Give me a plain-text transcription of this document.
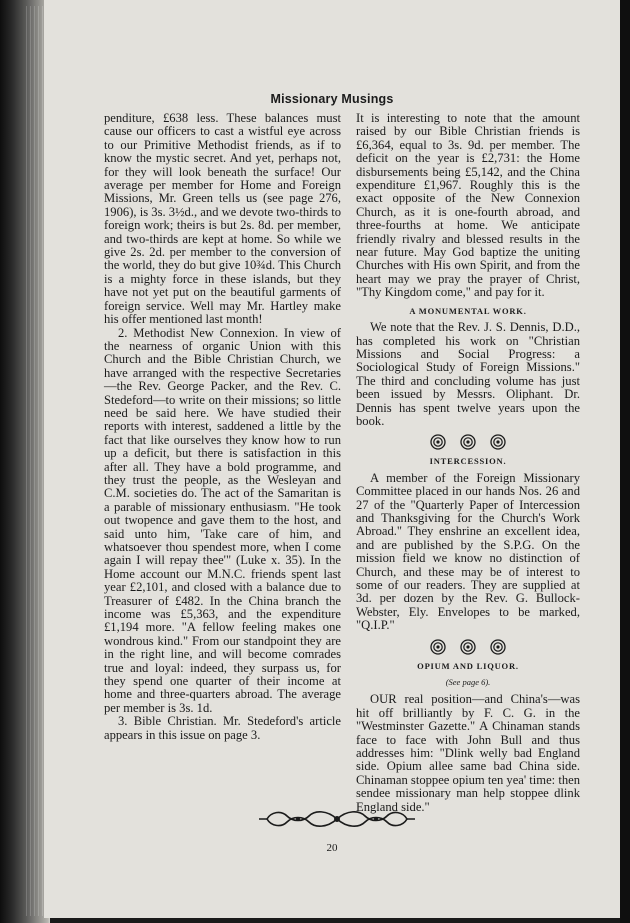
Missionary Musings

penditure, £638 less. These balances must cause our officers to cast a wistful eye across to our Primitive Methodist friends, as if to know the mystic secret. And yet, perhaps not, for they will look beneath the surface! Our average per member for Home and Foreign Missions, Mr. Green tells us (see page 276, 1906), is 3s. 3½d., and we devote two-thirds to foreign work; theirs is but 2s. 8d. per member, and two-thirds are kept at home. So while we give 2s. 2d. per member to the conversion of the world, they do but give 10¾d. This Church is a mighty force in these islands, but they have not yet put on the beautiful garments of foreign service. Well may Mr. Hartley make his offer mentioned last month!

2. Methodist New Connexion. In view of the nearness of organic Union with this Church and the Bible Christian Church, we have arranged with the respective Secretaries—the Rev. George Packer, and the Rev. C. Stedeford—to write on their missions; so little need be said here. We have studied their reports with interest, saddened a little by the fact that like ourselves they know how to run up a deficit, but there is satisfaction in this after all. They have a bold programme, and they trust the people, as the Wesleyan and C.M. societies do. The act of the Samaritan is a parable of missionary enthusiasm. "He took out twopence and gave them to the host, and said unto him, 'Take care of him, and whatsoever thou spendest more, when I come again I will repay thee'" (Luke x. 35). In the Home account our M.N.C. friends spent last year £2,101, and closed with a balance due to Treasurer of £482. In the China branch the income was £5,363, and the expenditure £1,194 more. "A fellow feeling makes one wondrous kind." From our standpoint they are in the right line, and will become comrades true and loyal: indeed, they surpass us, for they spend one quarter of their income at home and three-quarters abroad. The average per member is 3s. 1d.

3. Bible Christian. Mr. Stedeford's article appears in this issue on page 3.

It is interesting to note that the amount raised by our Bible Christian friends is £6,364, equal to 3s. 9d. per member. The deficit on the year is £2,731: the Home disbursements being £5,142, and the China expenditure £1,967. Roughly this is the exact opposite of the New Connexion Church, as it is one-fourth abroad, and three-fourths at home. We anticipate friendly rivalry and blessed results in the near future. May God baptize the uniting Churches with His own Spirit, and from the heart may we pray the prayer of Christ, "Thy Kingdom come," and pay for it.

A MONUMENTAL WORK.

We note that the Rev. J. S. Dennis, D.D., has completed his work on "Christian Missions and Social Progress: a Sociological Study of Foreign Missions." The third and concluding volume has just been issued by Messrs. Oliphant. Dr. Dennis has spent twelve years upon the book.

INTERCESSION.

A member of the Foreign Missionary Committee placed in our hands Nos. 26 and 27 of the "Quarterly Paper of Intercession and Thanksgiving for the Church's Work Abroad." They enshrine an excellent idea, and are published by the S.P.G. On the mission field we know no distinction of Church, and these may be of interest to some of our readers. They are supplied at 3d. per dozen by the Rev. G. Bullock-Webster, Ely. Envelopes to be marked, "Q.I.P."

OPIUM AND LIQUOR.
(See page 6).

OUR real position—and China's—was hit off brilliantly by F. C. G. in the "Westminster Gazette." A Chinaman stands face to face with John Bull and thus addresses him: "Dlink welly bad England side. Opium allee same bad China side. Chinaman stoppee opium ten yea' time: then sendee missionary man help stoppee dlink England side."

20
